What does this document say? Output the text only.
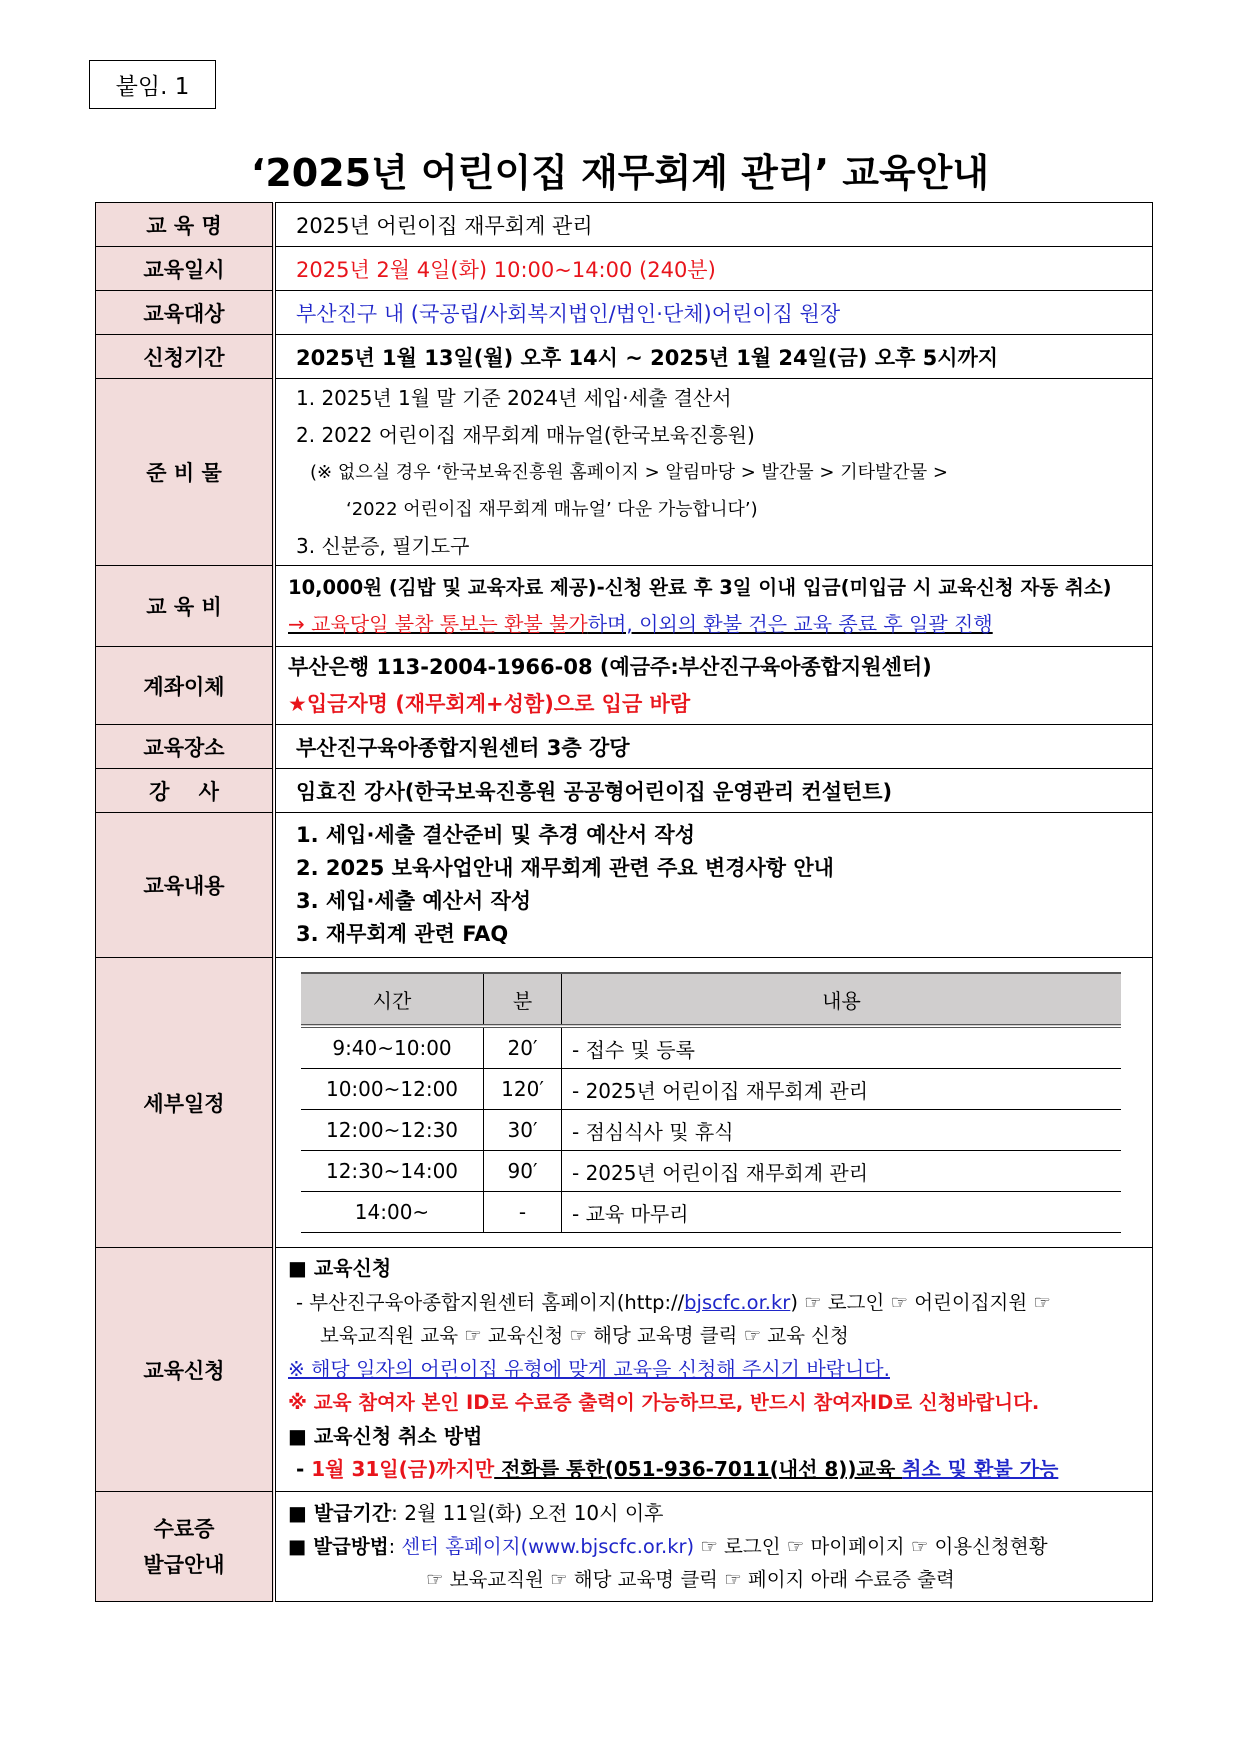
붙임. 1
‘2025년 어린이집 재무회계 관리’ 교육안내
교 육 명	2025년 어린이집 재무회계 관리
교육일시	2025년 2월 4일(화) 10:00~14:00 (240분)
교육대상	부산진구 내 (국공립/사회복지법인/법인·단체)어린이집 원장
신청기간	2025년 1월 13일(월) 오후 14시 ~ 2025년 1월 24일(금) 오후 5시까지
준 비 물	
1. 2025년 1월 말 기준 2024년 세입·세출 결산서
2. 2022 어린이집 재무회계 매뉴얼(한국보육진흥원)
(※ 없으실 경우 ‘한국보육진흥원 홈페이지 > 알림마당 > 발간물 > 기타발간물 >
‘2022 어린이집 재무회계 매뉴얼’ 다운 가능합니다’)
3. 신분증, 필기도구

교 육 비	
10,000원 (김밥 및 교육자료 제공)-신청 완료 후 3일 이내 입금(미입금 시 교육신청 자동 취소)
→ 교육당일 불참 통보는 환불 불가하며, 이외의 환불 건은 교육 종료 후 일괄 진행

계좌이체	
부산은행 113-2004-1966-08 (예금주:부산진구육아종합지원센터)
★입금자명 (재무회계+성함)으로 입금 바람

교육장소	부산진구육아종합지원센터 3층 강당
강    사	임효진 강사(한국보육진흥원 공공형어린이집 운영관리 컨설턴트)
교육내용	
1. 세입·세출 결산준비 및 추경 예산서 작성
2. 2025 보육사업안내 재무회계 관련 주요 변경사항 안내
3. 세입·세출 예산서 작성
3. 재무회계 관련 FAQ

세부일정	
시간	분	내용
9:40~10:00	20′	- 접수 및 등록
10:00~12:00	120′	- 2025년 어린이집 재무회계 관리
12:00~12:30	30′	- 점심식사 및 휴식
12:30~14:00	90′	- 2025년 어린이집 재무회계 관리
14:00~	-	- 교육 마무리

교육신청	
■ 교육신청
- 부산진구육아종합지원센터 홈페이지(http://bjscfc.or.kr) ☞ 로그인 ☞ 어린이집지원 ☞
보육교직원 교육 ☞ 교육신청 ☞ 해당 교육명 클릭 ☞ 교육 신청
※ 해당 일자의 어린이집 유형에 맞게 교육을 신청해 주시기 바랍니다.
※ 교육 참여자 본인 ID로 수료증 출력이 가능하므로, 반드시 참여자ID로 신청바랍니다.
■ 교육신청 취소 방법
- 1월 31일(금)까지만 전화를 통한(051-936-7011(내선 8))교육 취소 및 환불 가능

수료증
발급안내

■ 발급기간: 2월 11일(화) 오전 10시 이후
■ 발급방법: 센터 홈페이지(www.bjscfc.or.kr) ☞ 로그인 ☞ 마이페이지 ☞ 이용신청현황
☞ 보육교직원 ☞ 해당 교육명 클릭 ☞ 페이지 아래 수료증 출력
